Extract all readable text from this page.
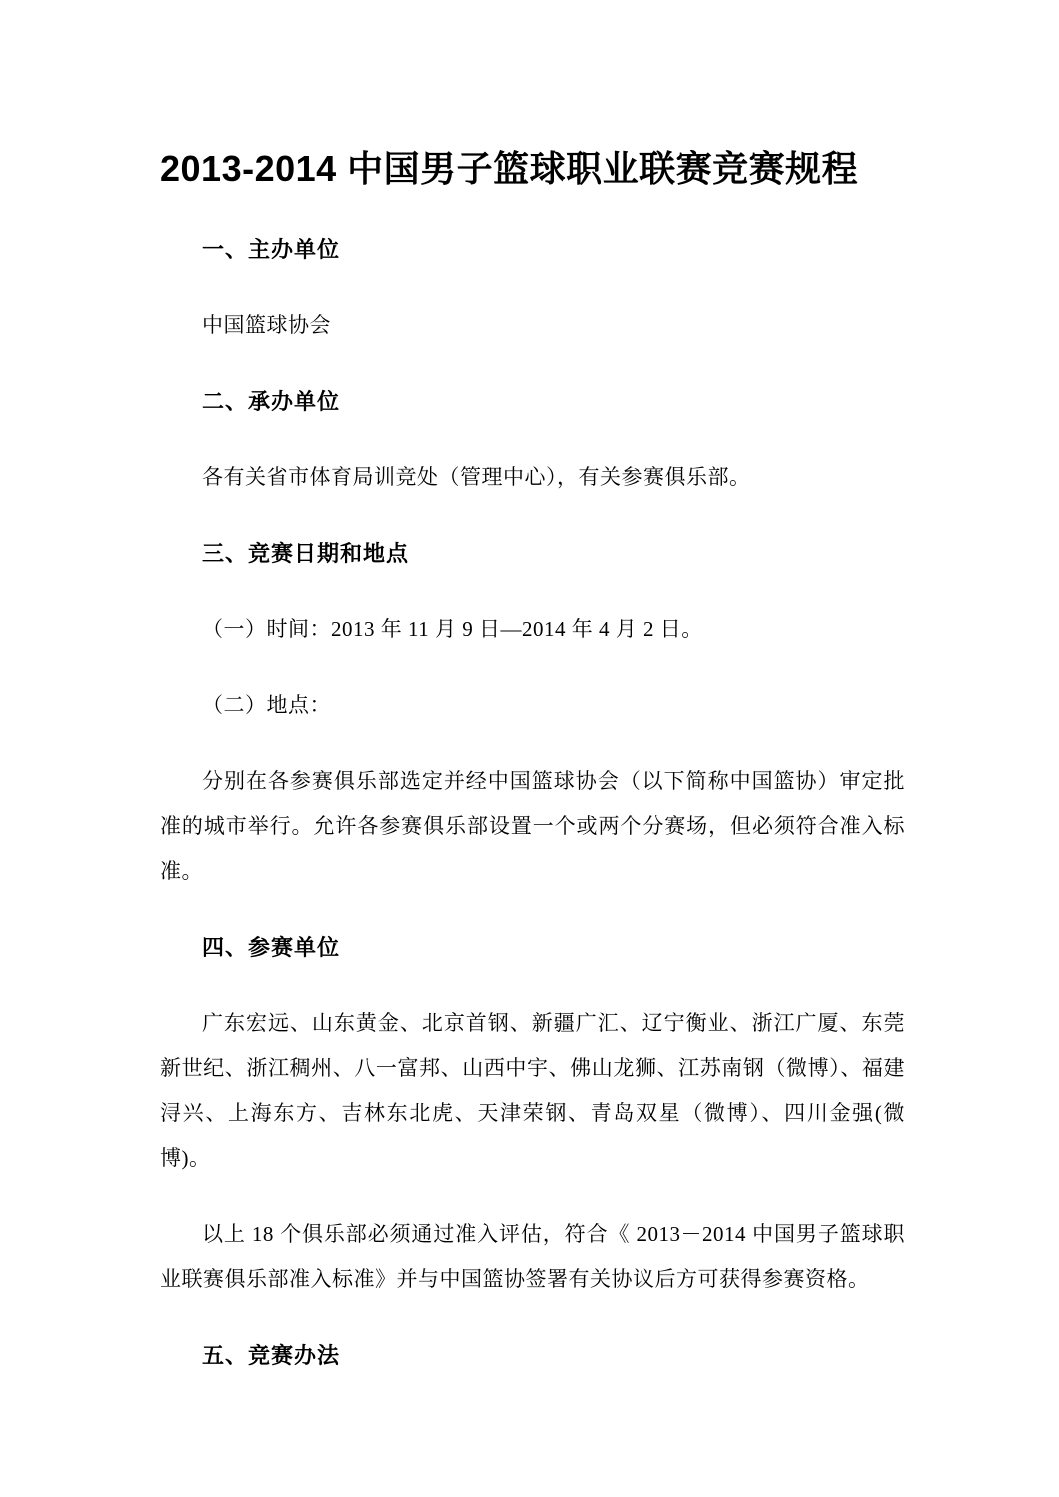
2013-2014 中国男子篮球职业联赛竞赛规程
一、主办单位

中国篮球协会

二、承办单位

各有关省市体育局训竞处（管理中心），有关参赛俱乐部。

三、竞赛日期和地点

（一）时间：2013 年 11 月 9 日—2014 年 4 月 2 日。

（二）地点：

分别在各参赛俱乐部选定并经中国篮球协会（以下简称中国篮协）审定批准的城市举行。允许各参赛俱乐部设置一个或两个分赛场，但必须符合准入标准。

四、参赛单位

广东宏远、山东黄金、北京首钢、新疆广汇、辽宁衡业、浙江广厦、东莞新世纪、浙江稠州、八一富邦、山西中宇、佛山龙狮、江苏南钢（微博）、福建浔兴、上海东方、吉林东北虎、天津荣钢、青岛双星（微博）、四川金强(微博)。

以上 18 个俱乐部必须通过准入评估，符合《 2013－2014 中国男子篮球职业联赛俱乐部准入标准》并与中国篮协签署有关协议后方可获得参赛资格。

五、竞赛办法
